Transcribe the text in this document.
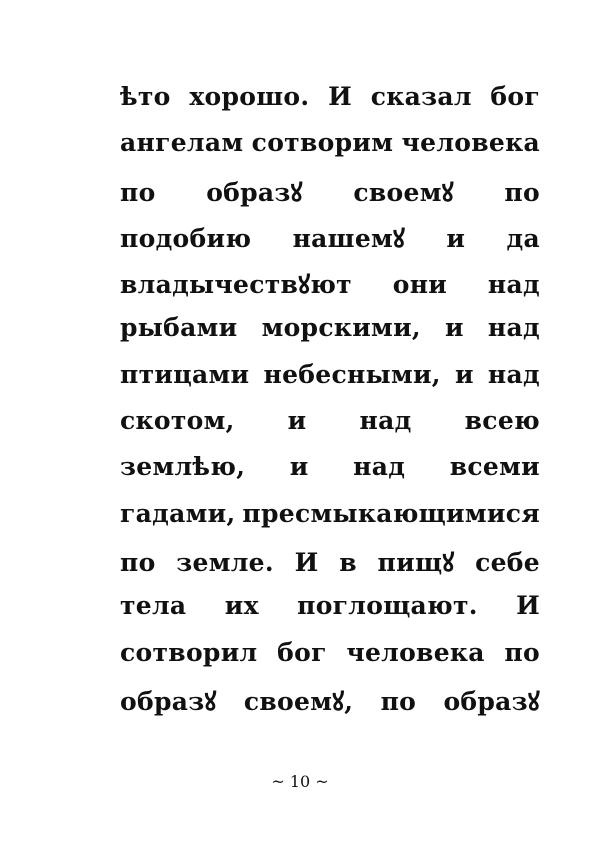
ѣто хорошо. И сказал бог
ангелам сотворим человека
по образꙋ своемꙋ по
подобию нашемꙋ и да
владычествꙋют они над
рыбами морскими, и над
птицами небесными, и над
скотом, и над всею
землѣю, и над всеми
гадами, пресмыкающимися
по земле. И в пищꙋ себе
тела их поглощают. И
сотворил бог человека по
образꙋ своемꙋ, по образꙋ
~ 10 ~
